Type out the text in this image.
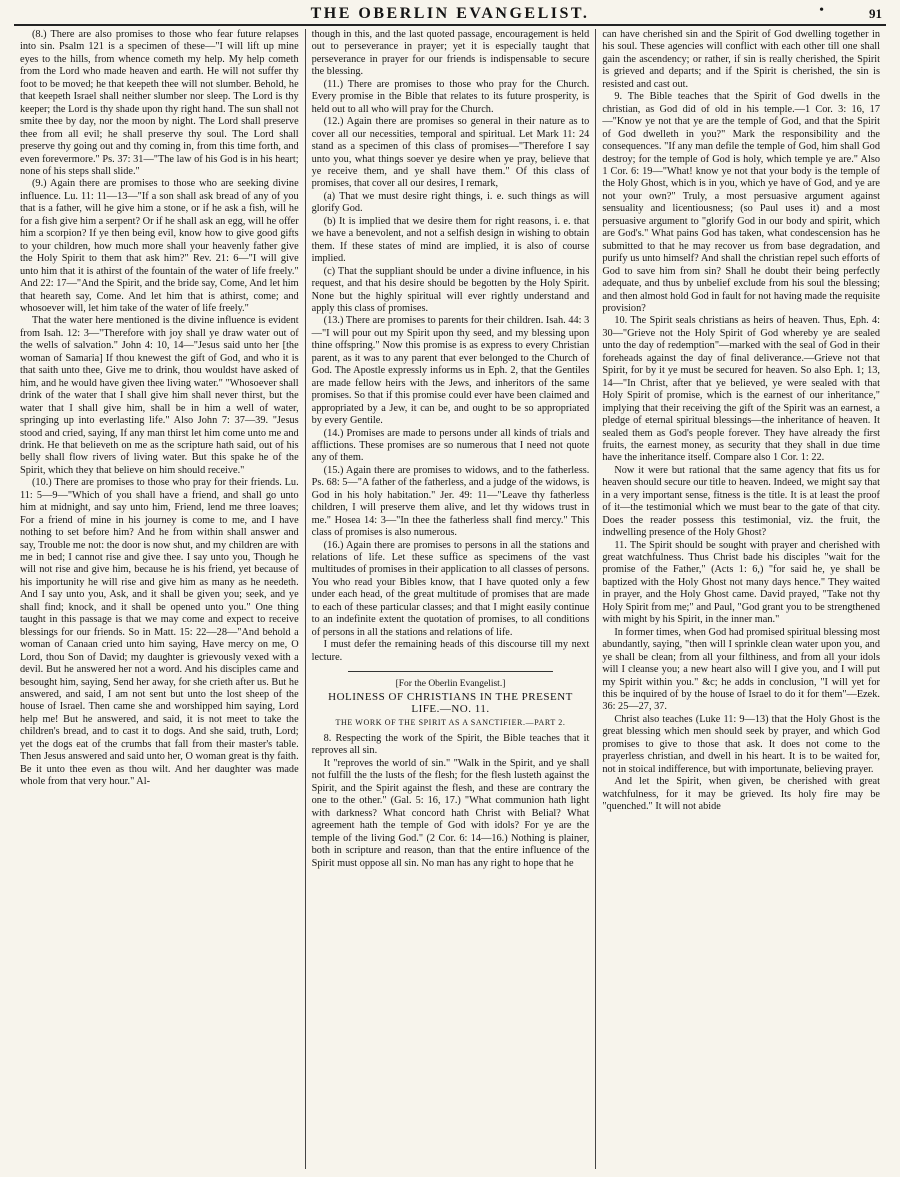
THE OBERLIN EVANGELIST.	•	91

(8.) There are also promises to those who fear future relapses into sin. Psalm 121 is a specimen of these—"I will lift up mine eyes to the hills, from whence cometh my help. My help cometh from the Lord who made heaven and earth. He will not suffer thy foot to be moved; he that keepeth thee will not slumber. Behold, he that keepeth Israel shall neither slumber nor sleep. The Lord is thy keeper; the Lord is thy shade upon thy right hand. The sun shall not smite thee by day, nor the moon by night. The Lord shall preserve thee from all evil; he shall preserve thy soul. The Lord shall preserve thy going out and thy coming in, from this time forth, and even forevermore." Ps. 37: 31—"The law of his God is in his heart; none of his steps shall slide."

(9.) Again there are promises to those who are seeking divine influence. Lu. 11: 11—13—"If a son shall ask bread of any of you that is a father, will he give him a stone, or if he ask a fish, will he for a fish give him a serpent? Or if he shall ask an egg, will he offer him a scorpion? If ye then being evil, know how to give good gifts to your children, how much more shall your heavenly father give the Holy Spirit to them that ask him?" Rev. 21: 6—"I will give unto him that it is athirst of the fountain of the water of life freely." And 22: 17—"And the Spirit, and the bride say, Come, And let him that heareth say, Come. And let him that is athirst, come; and whosoever will, let him take of the water of life freely."

That the water here mentioned is the divine influence is evident from Isah. 12: 3—"Therefore with joy shall ye draw water out of the wells of salvation." John 4: 10, 14—"Jesus said unto her [the woman of Samaria] If thou knewest the gift of God, and who it is that saith unto thee, Give me to drink, thou wouldst have asked of him, and he would have given thee living water." "Whosoever shall drink of the water that I shall give him shall never thirst, but the water that I shall give him, shall be in him a well of water, springing up into everlasting life." Also John 7: 37—39. "Jesus stood and cried, saying, If any man thirst let him come unto me and drink. He that believeth on me as the scripture hath said, out of his belly shall flow rivers of living water. But this spake he of the Spirit, which they that believe on him should receive."

(10.) There are promises to those who pray for their friends. Lu. 11: 5—9—"Which of you shall have a friend, and shall go unto him at midnight, and say unto him, Friend, lend me three loaves; For a friend of mine in his journey is come to me, and I have nothing to set before him? And he from within shall answer and say, Trouble me not: the door is now shut, and my children are with me in bed; I cannot rise and give thee. I say unto you, Though he will not rise and give him, because he is his friend, yet because of his importunity he will rise and give him as many as he needeth. And I say unto you, Ask, and it shall be given you; seek, and ye shall find; knock, and it shall be opened unto you." One thing taught in this passage is that we may come and expect to receive blessings for our friends. So in Matt. 15: 22—28—"And behold a woman of Canaan cried unto him saying, Have mercy on me, O Lord, thou Son of David; my daughter is grievously vexed with a devil. But he answered her not a word. And his disciples came and besought him, saying, Send her away, for she crieth after us. But he answered, and said, I am not sent but unto the lost sheep of the house of Israel. Then came she and worshipped him saying, Lord help me! But he answered, and said, it is not meet to take the children's bread, and to cast it to dogs. And she said, truth, Lord; yet the dogs eat of the crumbs that fall from their master's table. Then Jesus answered and said unto her, O woman great is thy faith. Be it unto thee even as thou wilt. And her daughter was made whole from that very hour." Al-

though in this, and the last quoted passage, encouragement is held out to perseverance in prayer; yet it is especially taught that perseverance in prayer for our friends is indispensable to secure the blessing.

(11.) There are promises to those who pray for the Church. Every promise in the Bible that relates to its future prosperity, is held out to all who will pray for the Church.

(12.) Again there are promises so general in their nature as to cover all our necessities, temporal and spiritual. Let Mark 11: 24 stand as a specimen of this class of promises—"Therefore I say unto you, what things soever ye desire when ye pray, believe that ye receive them, and ye shall have them." Of this class of promises, that cover all our desires, I remark,

(a) That we must desire right things, i. e. such things as will glorify God.

(b) It is implied that we desire them for right reasons, i. e. that we have a benevolent, and not a selfish design in wishing to obtain them. If these states of mind are implied, it is also of course implied.

(c) That the suppliant should be under a divine influence, in his request, and that his desire should be begotten by the Holy Spirit. None but the highly spiritual will ever rightly understand and apply this class of promises.

(13.) There are promises to parents for their children. Isah. 44: 3—"I will pour out my Spirit upon thy seed, and my blessing upon thine offspring." Now this promise is as express to every Christian parent, as it was to any parent that ever belonged to the Church of God. The Apostle expressly informs us in Eph. 2, that the Gentiles are made fellow heirs with the Jews, and inheritors of the same promises. So that if this promise could ever have been claimed and appropriated by a Jew, it can be, and ought to be so appropriated by every Gentile.

(14.) Promises are made to persons under all kinds of trials and afflictions. These promises are so numerous that I need not quote any of them.

(15.) Again there are promises to widows, and to the fatherless. Ps. 68: 5—"A father of the fatherless, and a judge of the widows, is God in his holy habitation." Jer. 49: 11—"Leave thy fatherless children, I will preserve them alive, and let thy widows trust in me." Hosea 14: 3—"In thee the fatherless shall find mercy." This class of promises is also numerous.

(16.) Again there are promises to persons in all the stations and relations of life. Let these suffice as specimens of the vast multitudes of promises in their application to all classes of persons. You who read your Bibles know, that I have quoted only a few under each head, of the great multitude of promises that are made to each of these particular classes; and that I might easily continue to an indefinite extent the quotation of promises, to all conditions of persons in all the stations and relations of life.

I must defer the remaining heads of this discourse till my next lecture.

[For the Oberlin Evangelist.]
HOLINESS OF CHRISTIANS IN THE PRESENT
LIFE.—NO. 11.
THE WORK OF THE SPIRIT AS A SANCTIFIER.—PART 2.

8. Respecting the work of the Spirit, the Bible teaches that it reproves all sin.

It "reproves the world of sin." "Walk in the Spirit, and ye shall not fulfill the the lusts of the flesh; for the flesh lusteth against the Spirit, and the Spirit against the flesh, and these are contrary the one to the other." (Gal. 5: 16, 17.) "What communion hath light with darkness? What concord hath Christ with Belial? What agreement hath the temple of God with idols? For ye are the temple of the living God." (2 Cor. 6: 14—16.) Nothing is plainer, both in scripture and reason, than that the entire influence of the Spirit must oppose all sin. No man has any right to hope that he

can have cherished sin and the Spirit of God dwelling together in his soul. These agencies will conflict with each other till one shall gain the ascendency; or rather, if sin is really cherished, the Spirit is grieved and departs; and if the Spirit is cherished, the sin is resisted and cast out.

9. The Bible teaches that the Spirit of God dwells in the christian, as God did of old in his temple.—1 Cor. 3: 16, 17—"Know ye not that ye are the temple of God, and that the Spirit of God dwelleth in you?" Mark the responsibility and the consequences. "If any man defile the temple of God, him shall God destroy; for the temple of God is holy, which temple ye are." Also 1 Cor. 6: 19—"What! know ye not that your body is the temple of the Holy Ghost, which is in you, which ye have of God, and ye are not your own?" Truly, a most persuasive argument against sensuality and licentiousness; (so Paul uses it) and a most persuasive argument to "glorify God in our body and spirit, which are God's." What pains God has taken, what condescension has he submitted to that he may recover us from base degradation, and purify us unto himself? And shall the christian repel such efforts of God to save him from sin? Shall he doubt their being perfectly adequate, and thus by unbelief exclude from his soul the blessing; and then almost hold God in fault for not having made the requisite provision?

10. The Spirit seals christians as heirs of heaven. Thus, Eph. 4: 30—"Grieve not the Holy Spirit of God whereby ye are sealed unto the day of redemption"—marked with the seal of God in their foreheads against the day of final deliverance.—Grieve not that Spirit, for by it ye must be secured for heaven. So also Eph. 1; 13, 14—"In Christ, after that ye believed, ye were sealed with that Holy Spirit of promise, which is the earnest of our inheritance," implying that their receiving the gift of the Spirit was an earnest, a pledge of eternal spiritual blessings—the inheritance of heaven. It sealed them as God's people forever. They have already the first fruits, the earnest money, as security that they shall in due time have the inheritance itself. Compare also 1 Cor. 1: 22.

Now it were but rational that the same agency that fits us for heaven should secure our title to heaven. Indeed, we might say that in a very important sense, fitness is the title. It is at least the proof of it—the testimonial which we must bear to the gate of that city. Does the reader possess this testimonial, viz. the fruit, the indwelling presence of the Holy Ghost?

11. The Spirit should be sought with prayer and cherished with great watchfulness. Thus Christ bade his disciples "wait for the promise of the Father," (Acts 1: 6,) "for said he, ye shall be baptized with the Holy Ghost not many days hence." They waited in prayer, and the Holy Ghost came. David prayed, "Take not thy Holy Spirit from me;" and Paul, "God grant you to be strengthened with might by his Spirit, in the inner man."

In former times, when God had promised spiritual blessing most abundantly, saying, "then will I sprinkle clean water upon you, and ye shall be clean; from all your filthiness, and from all your idols will I cleanse you; a new heart also will I give you, and I will put my Spirit within you." &c; he adds in conclusion, "I will yet for this be inquired of by the house of Israel to do it for them"—Ezek. 36: 25—27, 37.

Christ also teaches (Luke 11: 9—13) that the Holy Ghost is the great blessing which men should seek by prayer, and which God promises to give to those that ask. It does not come to the prayerless christian, and dwell in his heart. It is to be waited for, not in stoical indifference, but with importunate, believing prayer.

And let the Spirit, when given, be cherished with great watchfulness, for it may be grieved. Its holy fire may be "quenched." It will not abide
